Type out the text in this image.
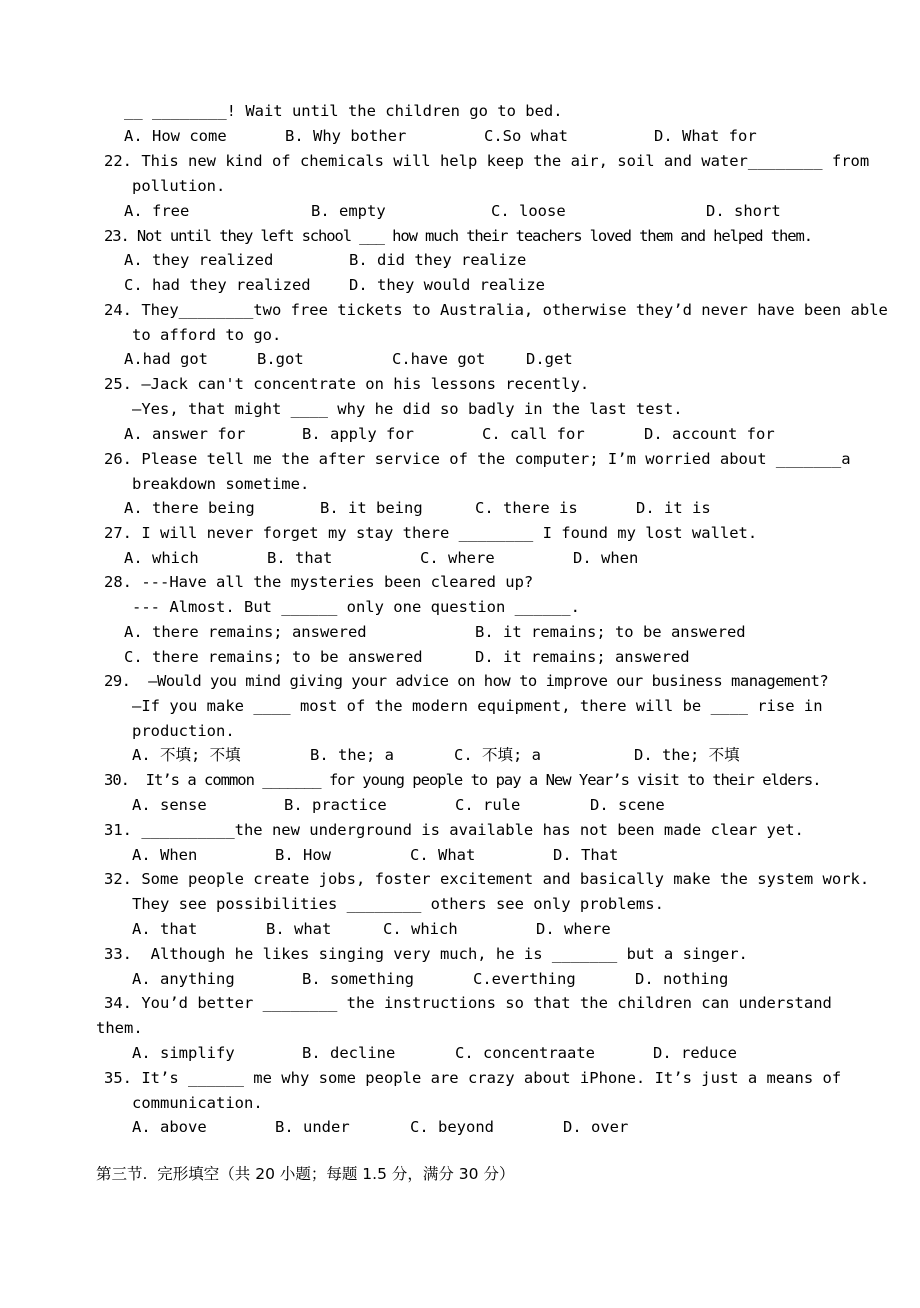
__ ________! Wait until the children go to bed.

A. How come

	B. Why bother

	C.So what

	D. What for

22. This new kind of chemicals will help keep the air, soil and water________ from
pollution.

A. free

	B. empty

	C. loose

	D. short

23. Not until they left school ___ how much their teachers loved them and helped them.

A. they realized

	B. did they realize

C. had they realized

D. they would realize

24. They________two free tickets to Australia, otherwise they’d never have been able
to afford to go.

A.had got

	B.got

	C.have got

	D.get

25. —Jack can't concentrate on his lessons recently.
—Yes, that might ____ why he did so badly in the last test.

A. answer for

	B. apply for

	C. call for

	D. account for

26. Please tell me the after service of the computer; I’m worried about _______a
breakdown sometime.

A. there being

	B. it being

	C. there is

	D. it is

27. I will never forget my stay there ________ I found my lost wallet.

A. which

	B. that

	C. where

	D. when

28. ---Have all the mysteries been cleared up?
--- Almost. But ______ only one question ______.

A. there remains; answered

	B. it remains; to be answered

C. there remains; to be answered

	D. it remains; answered

29.  —Would you mind giving your advice on how to improve our business management?
—If you make ____ most of the modern equipment, there will be ____ rise in
production.

A. 不填; 不填

	B. the; a

	C. 不填; a

	D. the; 不填

30.  It’s a common _______ for young people to pay a New Year’s visit to their elders.

A. sense

	B. practice

	C. rule

	D. scene

31. __________the new underground is available has not been made clear yet.

A. When

	B. How

	C. What

	D. That

32. Some people create jobs, foster excitement and basically make the system work.
They see possibilities ________ others see only problems.

A. that

	B. what

	C. which

	D. where

33.  Although he likes singing very much, he is _______ but a singer.

A. anything

	B. something

	C.everthing

	D. nothing

34. You’d better ________ the instructions so that the children can understand
them.

A. simplify

	B. decline

	C. concentraate

	D. reduce

35. It’s ______ me why some people are crazy about iPhone. It’s just a means of
communication.

A. above

	B. under

	C. beyond

	D. over

第三节.  完形填空（共 20 小题；每题 1.5 分，满分 30 分）
